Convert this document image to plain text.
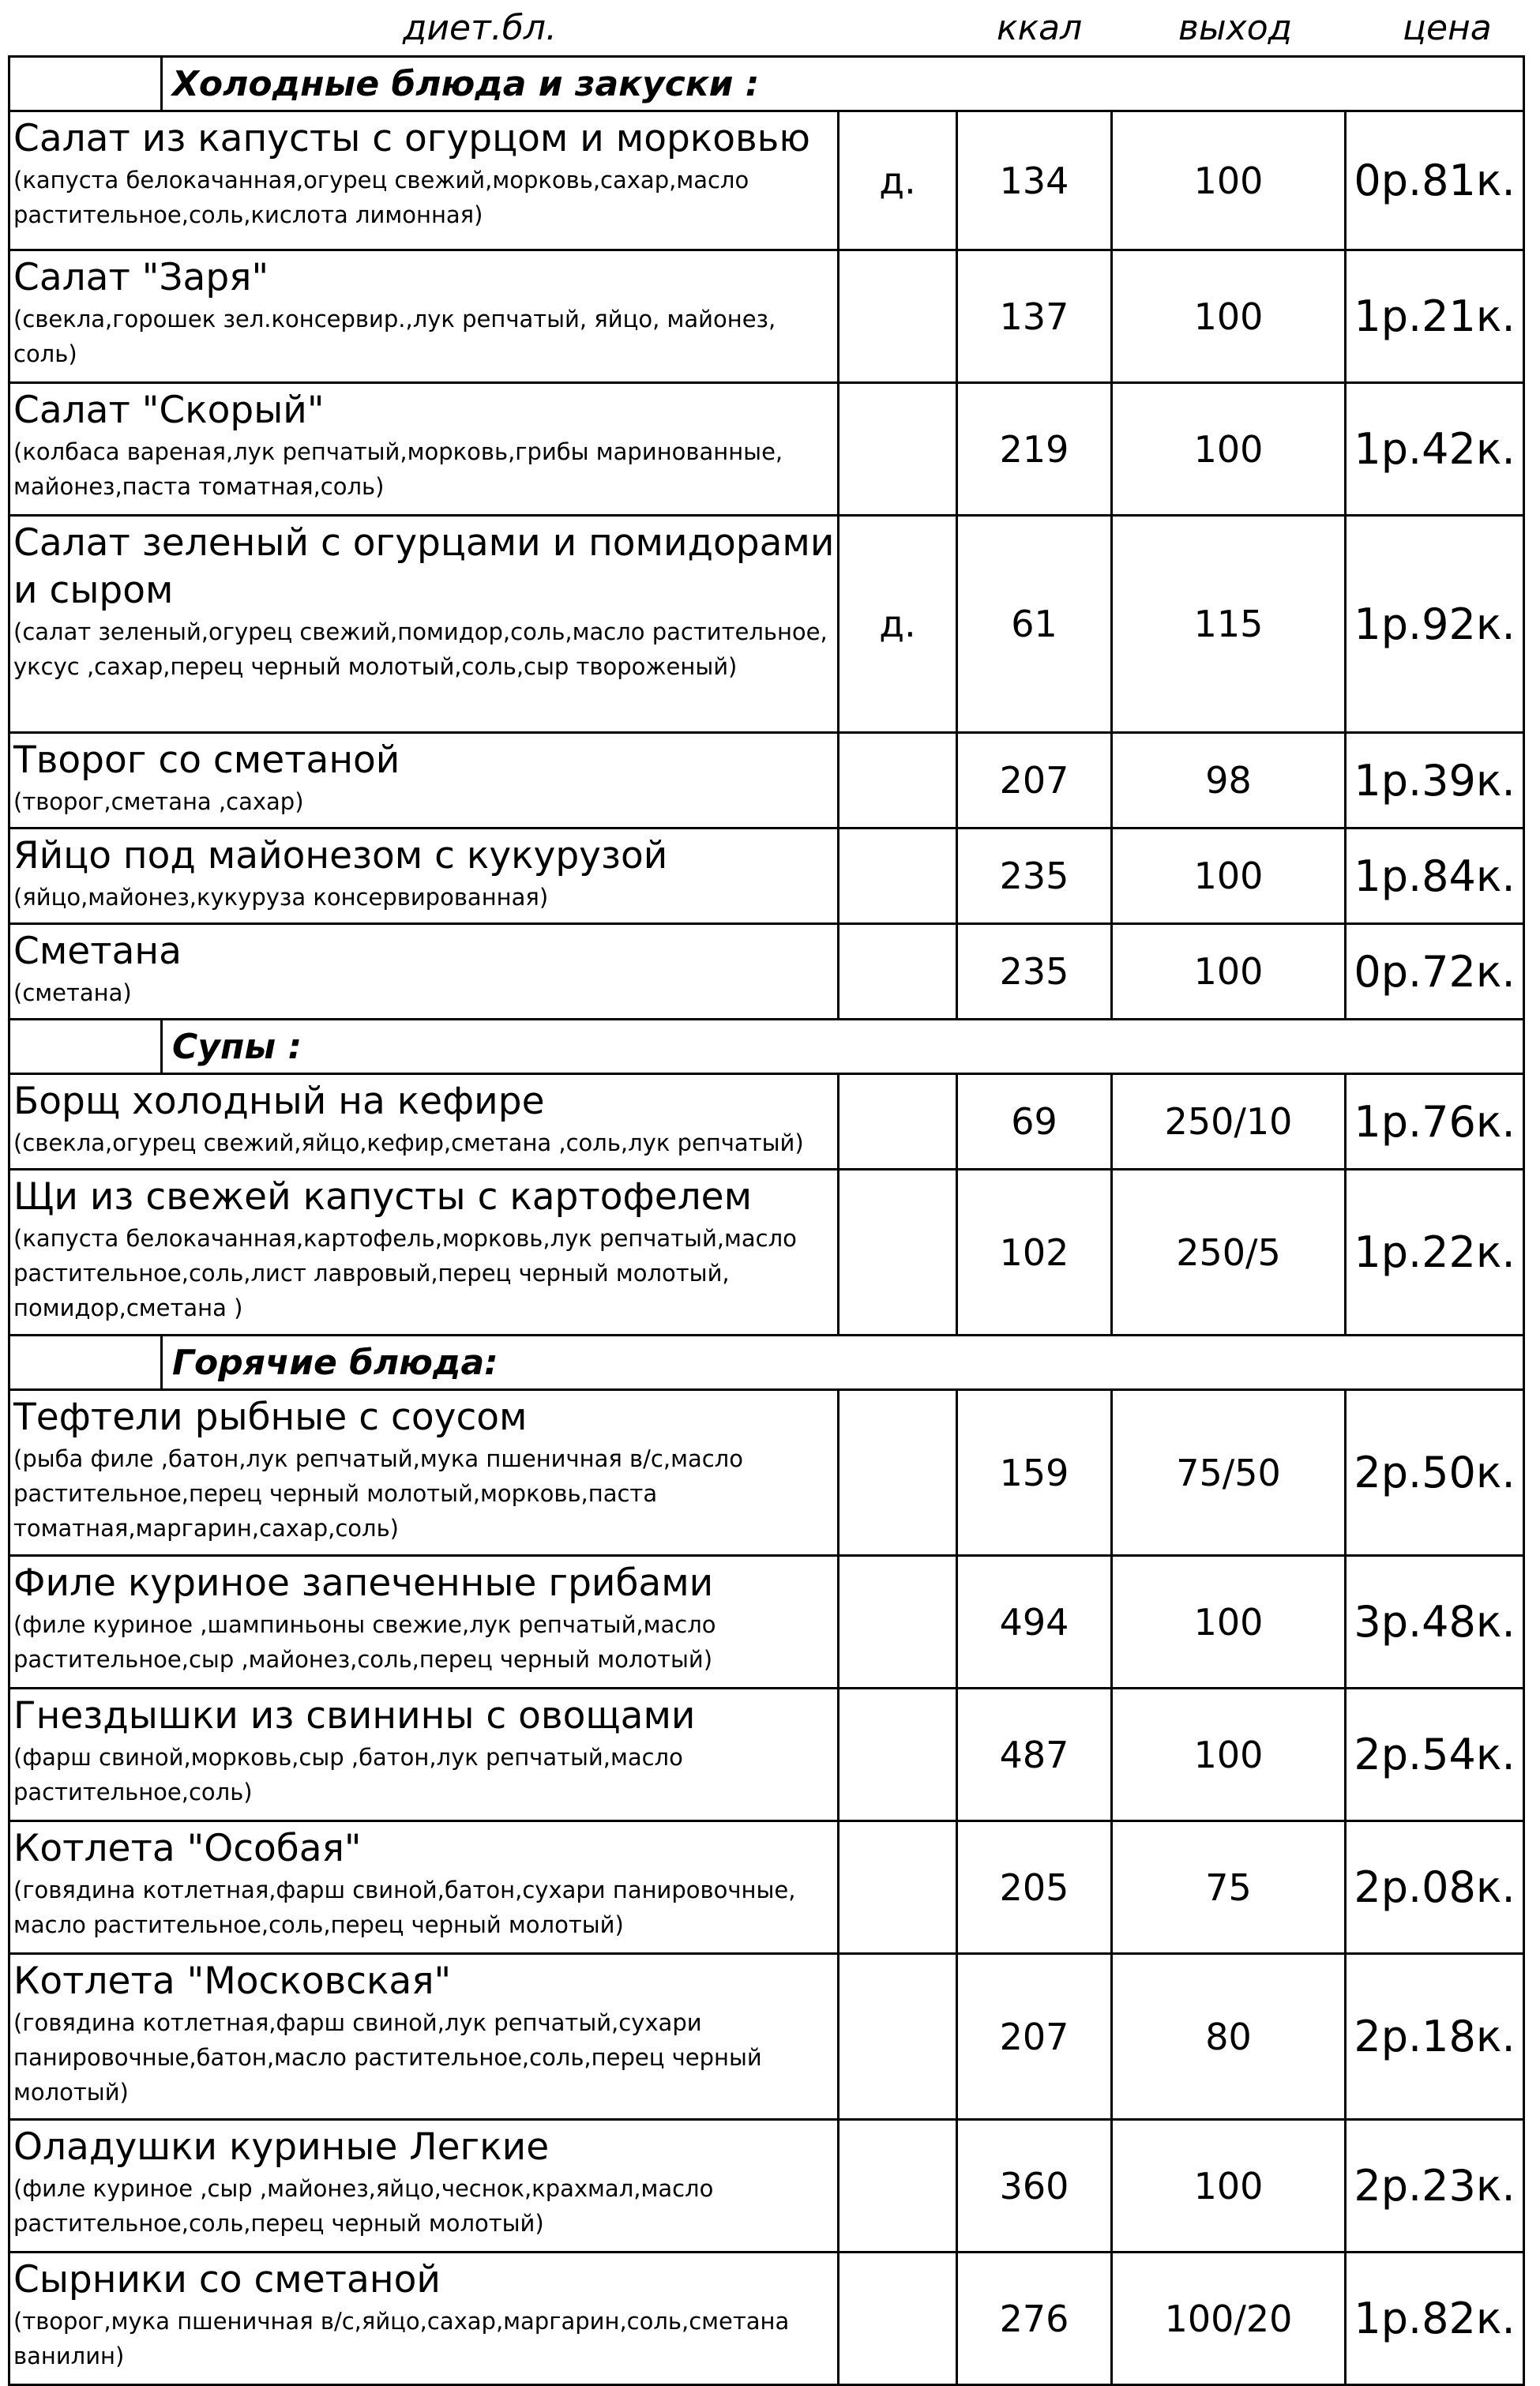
диет.бл.	ккал	выход	цена
Холодные блюда и закуски :				

Салат из капусты с огурцом и морковью
(капуста белокачанная,огурец свежий,морковь,сахар,масло растительное,соль,кислота лимонная)	д.	134	100	0р.81к.

Салат "Заря"
(свекла,горошек зел.консервир.,лук репчатый, яйцо, майонез, соль)		137	100	1р.21к.

Салат "Скорый"
(колбаса вареная,лук репчатый,морковь,грибы маринованные, майонез,паста томатная,соль)		219	100	1р.42к.

Салат зеленый с огурцами и помидорами и сыром
(салат зеленый,огурец свежий,помидор,соль,масло растительное, уксус ,сахар,перец черный молотый,соль,сыр твороженый)	д.	61	115	1р.92к.

Творог со сметаной
(творог,сметана ,сахар)		207	98	1р.39к.

Яйцо под майонезом с кукурузой
(яйцо,майонез,кукуруза консервированная)		235	100	1р.84к.

Сметана
(сметана)		235	100	0р.72к.

Супы :				

Борщ холодный на кефире
(свекла,огурец свежий,яйцо,кефир,сметана ,соль,лук репчатый)		69	250/10	1р.76к.

Щи из свежей капусты с картофелем
(капуста белокачанная,картофель,морковь,лук репчатый,масло растительное,соль,лист лавровый,перец черный молотый, помидор,сметана )		102	250/5	1р.22к.

Горячие блюда:				

Тефтели рыбные с соусом
(рыба филе ,батон,лук репчатый,мука пшеничная в/с,масло растительное,перец черный молотый,морковь,паста томатная,маргарин,сахар,соль)		159	75/50	2р.50к.

Филе куриное запеченные грибами
(филе куриное ,шампиньоны свежие,лук репчатый,масло растительное,сыр ,майонез,соль,перец черный молотый)		494	100	3р.48к.

Гнездышки из свинины с овощами
(фарш свиной,морковь,сыр ,батон,лук репчатый,масло растительное,соль)		487	100	2р.54к.

Котлета "Особая"
(говядина котлетная,фарш свиной,батон,сухари панировочные, масло растительное,соль,перец черный молотый)		205	75	2р.08к.

Котлета "Московская"
(говядина котлетная,фарш свиной,лук репчатый,сухари панировочные,батон,масло растительное,соль,перец черный молотый)		207	80	2р.18к.

Оладушки куриные Легкие
(филе куриное ,сыр ,майонез,яйцо,чеснок,крахмал,масло растительное,соль,перец черный молотый)		360	100	2р.23к.

Сырники со сметаной
(творог,мука пшеничная в/с,яйцо,сахар,маргарин,соль,сметана ванилин)		276	100/20	1р.82к.
